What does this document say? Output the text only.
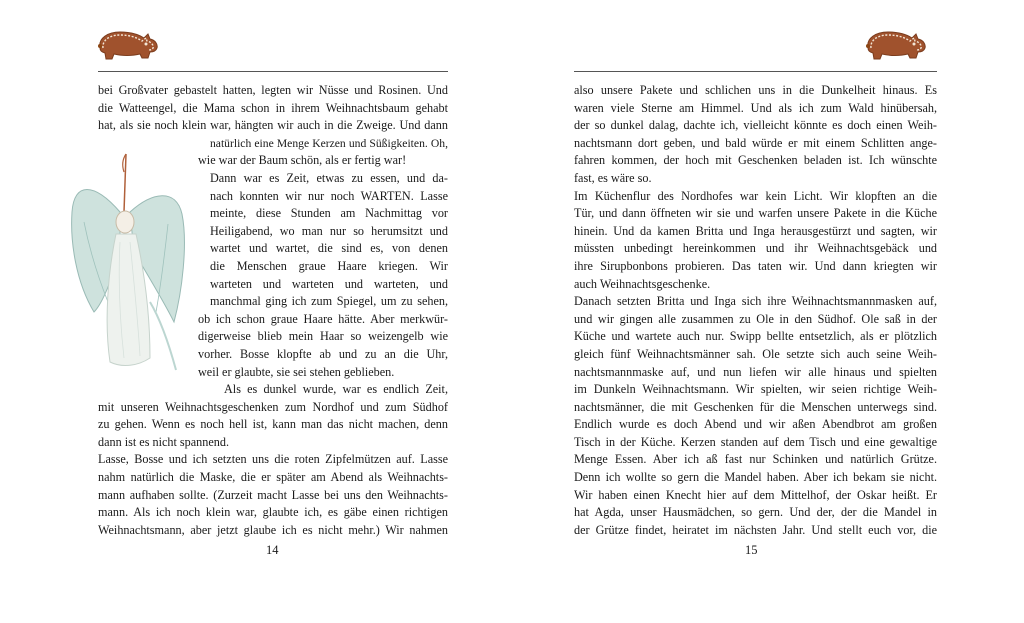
bei Großvater gebastelt hatten, legten wir Nüsse und Rosinen. Und
die Watteengel, die Mama schon in ihrem Weihnachtsbaum gehabt
hat, als sie noch klein war, hängten wir auch in die Zweige. Und dann
natürlich eine Menge Kerzen und Süßigkeiten. Oh,
wie war der Baum schön, als er fertig war!
Dann war es Zeit, etwas zu essen, und da-
nach konnten wir nur noch WARTEN. Lasse
meinte, diese Stunden am Nachmittag vor
Heiligabend, wo man nur so herumsitzt und
wartet und wartet, die sind es, von denen
die Menschen graue Haare kriegen. Wir
warteten und warteten und warteten, und
manchmal ging ich zum Spiegel, um zu sehen,
ob ich schon graue Haare hätte. Aber merkwür-
digerweise blieb mein Haar so weizengelb wie
vorher. Bosse klopfte ab und zu an die Uhr,
weil er glaubte, sie sei stehen geblieben.
Als es dunkel wurde, war es endlich Zeit,
mit unseren Weihnachtsgeschenken zum Nordhof und zum Südhof
zu gehen. Wenn es noch hell ist, kann man das nicht machen, denn
dann ist es nicht spannend.
Lasse, Bosse und ich setzten uns die roten Zipfelmützen auf. Lasse
nahm natürlich die Maske, die er später am Abend als Weihnachts-
mann aufhaben sollte. (Zurzeit macht Lasse bei uns den Weihnachts-
mann. Als ich noch klein war, glaubte ich, es gäbe einen richtigen
Weihnachtsmann, aber jetzt glaube ich es nicht mehr.) Wir nahmen

14

also unsere Pakete und schlichen uns in die Dunkelheit hinaus. Es
waren viele Sterne am Himmel. Und als ich zum Wald hinübersah,
der so dunkel dalag, dachte ich, vielleicht könnte es doch einen Weih-
nachtsmann dort geben, und bald würde er mit einem Schlitten ange-
fahren kommen, der hoch mit Geschenken beladen ist. Ich wünschte
fast, es wäre so.
Im Küchenflur des Nordhofes war kein Licht. Wir klopften an die
Tür, und dann öffneten wir sie und warfen unsere Pakete in die Küche
hinein. Und da kamen Britta und Inga herausgestürzt und sagten, wir
müssten unbedingt hereinkommen und ihr Weihnachtsgebäck und
ihre Sirupbonbons probieren. Das taten wir. Und dann kriegten wir
auch Weihnachtsgeschenke.
Danach setzten Britta und Inga sich ihre Weihnachtsmannmasken auf,
und wir gingen alle zusammen zu Ole in den Südhof. Ole saß in der
Küche und wartete auch nur. Swipp bellte entsetzlich, als er plötzlich
gleich fünf Weihnachtsmänner sah. Ole setzte sich auch seine Weih-
nachtsmannmaske auf, und nun liefen wir alle hinaus und spielten
im Dunkeln Weihnachtsmann. Wir spielten, wir seien richtige Weih-
nachtsmänner, die mit Geschenken für die Menschen unterwegs sind.
Endlich wurde es doch Abend und wir aßen Abendbrot am großen
Tisch in der Küche. Kerzen standen auf dem Tisch und eine gewaltige
Menge Essen. Aber ich aß fast nur Schinken und natürlich Grütze.
Denn ich wollte so gern die Mandel haben. Aber ich bekam sie nicht.
Wir haben einen Knecht hier auf dem Mittelhof, der Oskar heißt. Er
hat Agda, unser Hausmädchen, so gern. Und der, der die Mandel in
der Grütze findet, heiratet im nächsten Jahr. Und stellt euch vor, die

15
